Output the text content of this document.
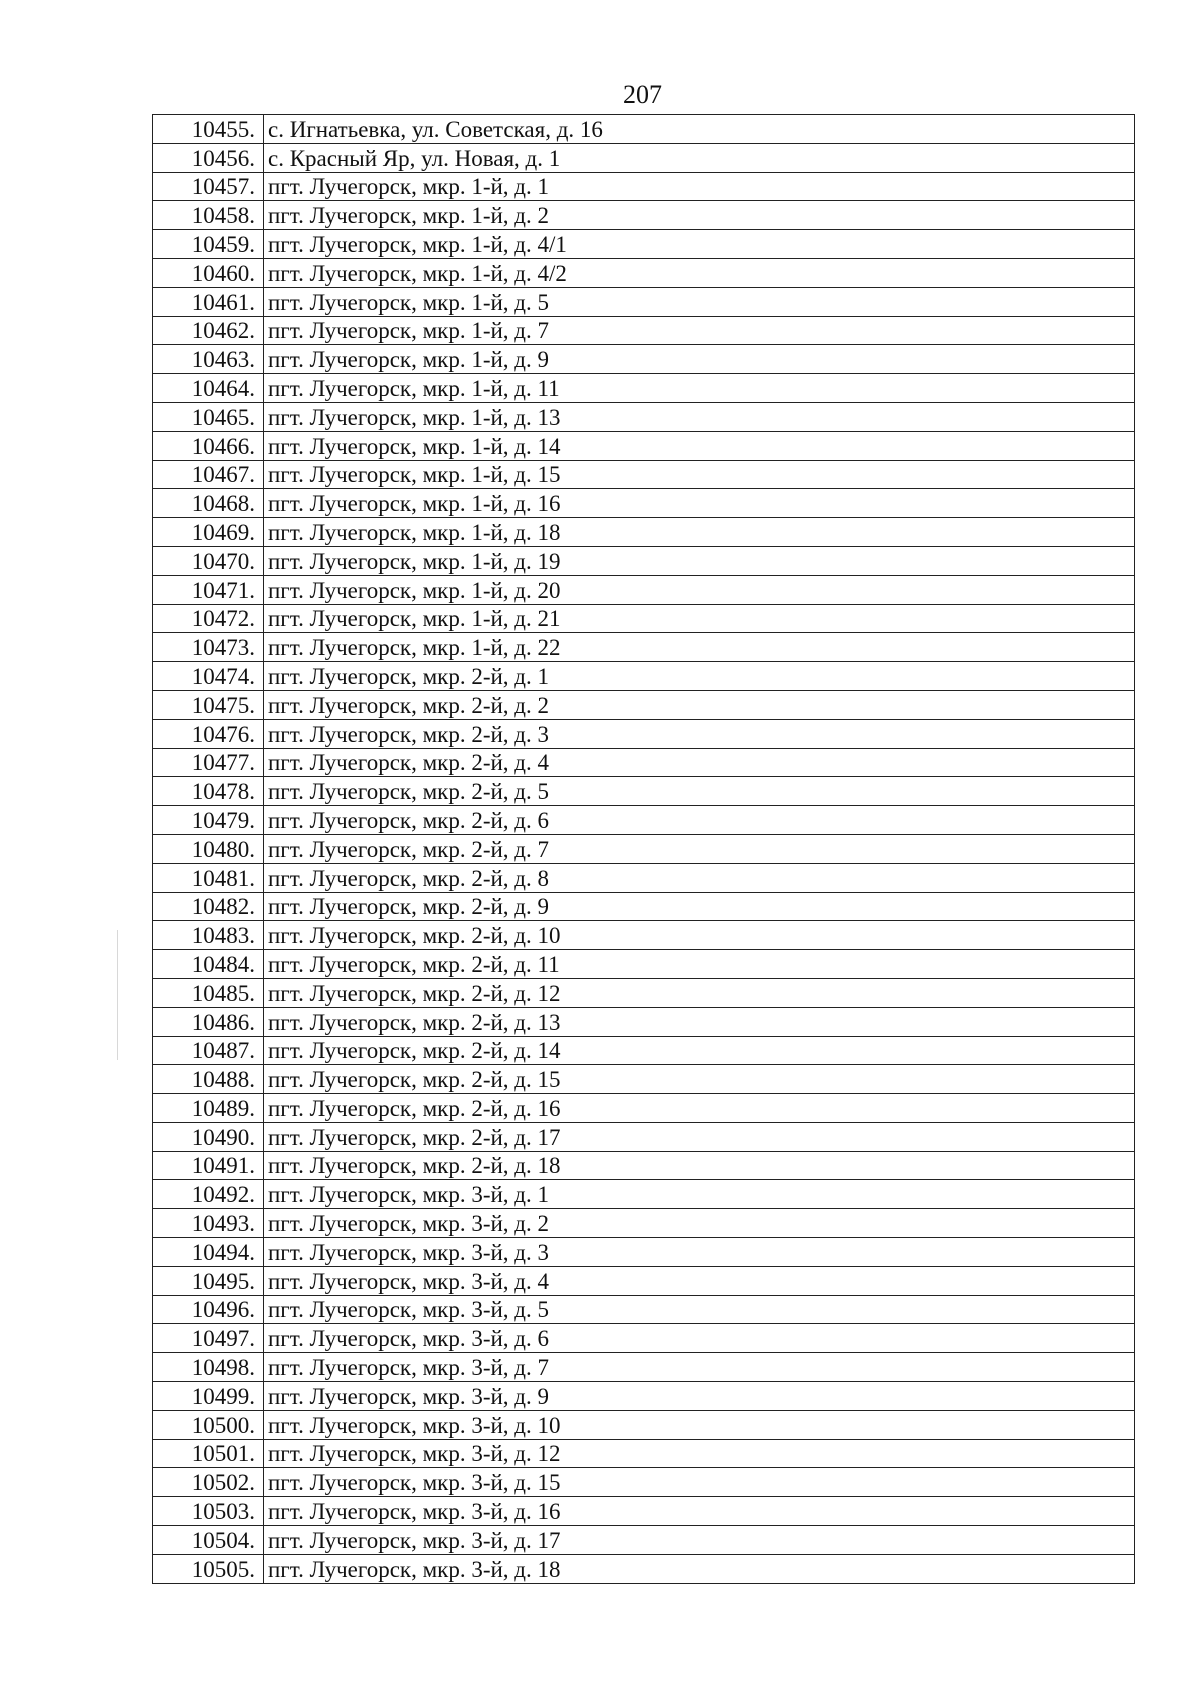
207
10455.	с. Игнатьевка, ул. Советская, д. 16
10456.	с. Красный Яр, ул. Новая, д. 1
10457.	пгт. Лучегорск, мкр. 1-й, д. 1
10458.	пгт. Лучегорск, мкр. 1-й, д. 2
10459.	пгт. Лучегорск, мкр. 1-й, д. 4/1
10460.	пгт. Лучегорск, мкр. 1-й, д. 4/2
10461.	пгт. Лучегорск, мкр. 1-й, д. 5
10462.	пгт. Лучегорск, мкр. 1-й, д. 7
10463.	пгт. Лучегорск, мкр. 1-й, д. 9
10464.	пгт. Лучегорск, мкр. 1-й, д. 11
10465.	пгт. Лучегорск, мкр. 1-й, д. 13
10466.	пгт. Лучегорск, мкр. 1-й, д. 14
10467.	пгт. Лучегорск, мкр. 1-й, д. 15
10468.	пгт. Лучегорск, мкр. 1-й, д. 16
10469.	пгт. Лучегорск, мкр. 1-й, д. 18
10470.	пгт. Лучегорск, мкр. 1-й, д. 19
10471.	пгт. Лучегорск, мкр. 1-й, д. 20
10472.	пгт. Лучегорск, мкр. 1-й, д. 21
10473.	пгт. Лучегорск, мкр. 1-й, д. 22
10474.	пгт. Лучегорск, мкр. 2-й, д. 1
10475.	пгт. Лучегорск, мкр. 2-й, д. 2
10476.	пгт. Лучегорск, мкр. 2-й, д. 3
10477.	пгт. Лучегорск, мкр. 2-й, д. 4
10478.	пгт. Лучегорск, мкр. 2-й, д. 5
10479.	пгт. Лучегорск, мкр. 2-й, д. 6
10480.	пгт. Лучегорск, мкр. 2-й, д. 7
10481.	пгт. Лучегорск, мкр. 2-й, д. 8
10482.	пгт. Лучегорск, мкр. 2-й, д. 9
10483.	пгт. Лучегорск, мкр. 2-й, д. 10
10484.	пгт. Лучегорск, мкр. 2-й, д. 11
10485.	пгт. Лучегорск, мкр. 2-й, д. 12
10486.	пгт. Лучегорск, мкр. 2-й, д. 13
10487.	пгт. Лучегорск, мкр. 2-й, д. 14
10488.	пгт. Лучегорск, мкр. 2-й, д. 15
10489.	пгт. Лучегорск, мкр. 2-й, д. 16
10490.	пгт. Лучегорск, мкр. 2-й, д. 17
10491.	пгт. Лучегорск, мкр. 2-й, д. 18
10492.	пгт. Лучегорск, мкр. 3-й, д. 1
10493.	пгт. Лучегорск, мкр. 3-й, д. 2
10494.	пгт. Лучегорск, мкр. 3-й, д. 3
10495.	пгт. Лучегорск, мкр. 3-й, д. 4
10496.	пгт. Лучегорск, мкр. 3-й, д. 5
10497.	пгт. Лучегорск, мкр. 3-й, д. 6
10498.	пгт. Лучегорск, мкр. 3-й, д. 7
10499.	пгт. Лучегорск, мкр. 3-й, д. 9
10500.	пгт. Лучегорск, мкр. 3-й, д. 10
10501.	пгт. Лучегорск, мкр. 3-й, д. 12
10502.	пгт. Лучегорск, мкр. 3-й, д. 15
10503.	пгт. Лучегорск, мкр. 3-й, д. 16
10504.	пгт. Лучегорск, мкр. 3-й, д. 17
10505.	пгт. Лучегорск, мкр. 3-й, д. 18
